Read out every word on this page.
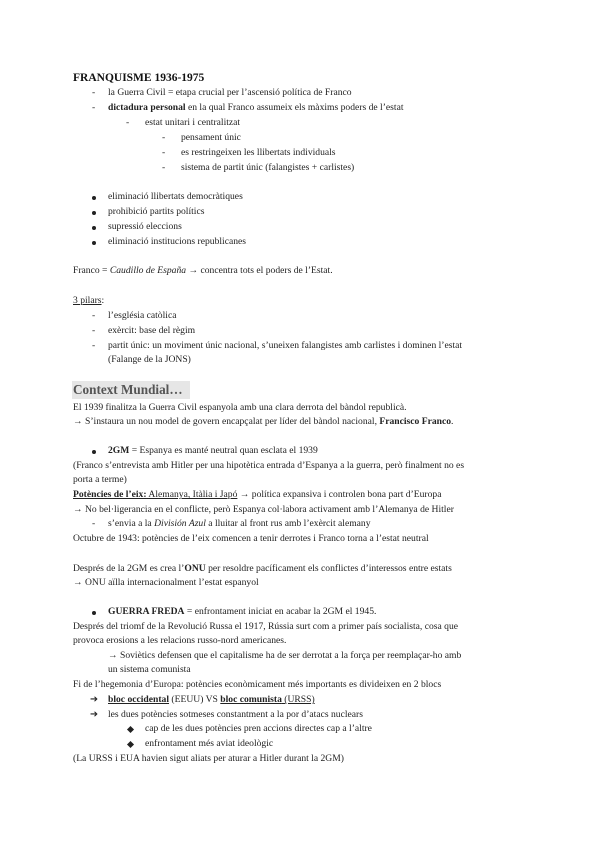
FRANQUISME 1936-1975
- la Guerra Civil = etapa crucial per l’ascensió política de Franco
- dictadura personal en la qual Franco assumeix els màxims poders de l’estat
- estat unitari i centralitzat
- pensament únic
- es restringeixen les llibertats individuals
- sistema de partit únic (falangistes + carlistes)
eliminació llibertats democràtiques
prohibició partits polítics
supressió eleccions
eliminació institucions republicanes
Franco = Caudillo de España → concentra tots el poders de l’Estat.
3 pilars:
- l’església catòlica
- exèrcit: base del règim
- partit únic: un moviment únic nacional, s’uneixen falangistes amb carlistes i dominen l’estat
(Falange de la JONS)
Context Mundial…
El 1939 finalitza la Guerra Civil espanyola amb una clara derrota del bàndol republicà.
→ S’instaura un nou model de govern encapçalat per líder del bàndol nacional, Francisco Franco.
2GM = Espanya es manté neutral quan esclata el 1939
(Franco s’entrevista amb Hitler per una hipotètica entrada d’Espanya a la guerra, però finalment no es
porta a terme)
Potències de l’eix: Alemanya, Itàlia i Japó → política expansiva i controlen bona part d’Europa
→ No bel·ligerancia en el conflicte, però Espanya col·labora activament amb l’Alemanya de Hitler
- s’envia a la División Azul a lluitar al front rus amb l’exèrcit alemany
Octubre de 1943: potències de l’eix comencen a tenir derrotes i Franco torna a l’estat neutral
Després de la 2GM es crea l’ONU per resoldre pacíficament els conflictes d’interessos entre estats
→ ONU aïlla internacionalment l’estat espanyol
GUERRA FREDA = enfrontament iniciat en acabar la 2GM el 1945.
Després del triomf de la Revolució Russa el 1917, Rússia surt com a primer país socialista, cosa que
provoca erosions a les relacions russo-nord americanes.
→ Soviètics defensen que el capitalisme ha de ser derrotat a la força per reemplaçar-ho amb
un sistema comunista
Fi de l’hegemonia d’Europa: potències econòmicament més importants es divideixen en 2 blocs
➔ bloc occidental (EEUU) VS bloc comunista (URSS)
➔ les dues potències sotmeses constantment a la por d’atacs nuclears
cap de les dues potències pren accions directes cap a l’altre
enfrontament més aviat ideològic
(La URSS i EUA havien sigut aliats per aturar a Hitler durant la 2GM)
